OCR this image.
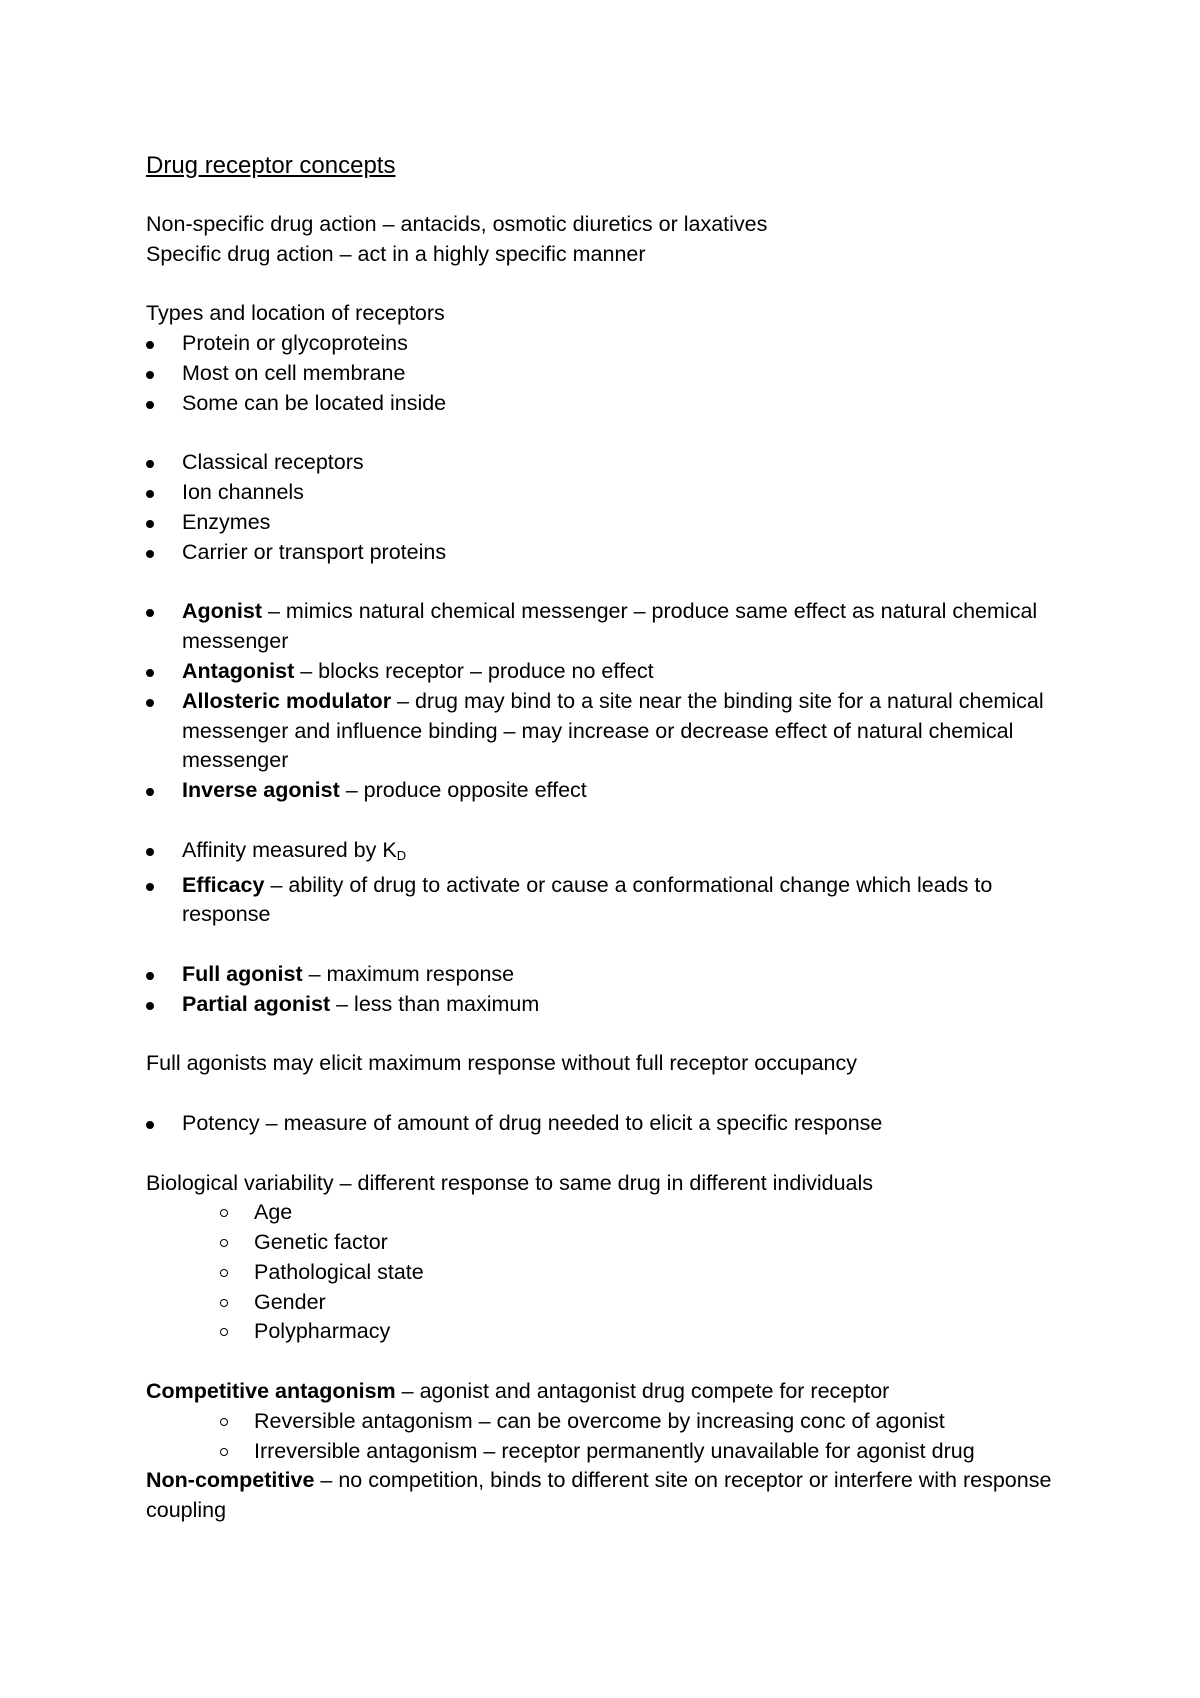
Drug receptor concepts
Non-specific drug action – antacids, osmotic diuretics or laxatives
Specific drug action – act in a highly specific manner
Types and location of receptors
Protein or glycoproteins
Most on cell membrane
Some can be located inside
Classical receptors
Ion channels
Enzymes
Carrier or transport proteins
Agonist – mimics natural chemical messenger – produce same effect as natural chemical messenger
Antagonist – blocks receptor – produce no effect
Allosteric modulator – drug may bind to a site near the binding site for a natural chemical messenger and influence binding – may increase or decrease effect of natural chemical messenger
Inverse agonist – produce opposite effect
Affinity measured by $K_D$
Efficacy – ability of drug to activate or cause a conformational change which leads to response
Full agonist – maximum response
Partial agonist – less than maximum
Full agonists may elicit maximum response without full receptor occupancy
Potency – measure of amount of drug needed to elicit a specific response
Biological variability – different response to same drug in different individuals
Age
Genetic factor
Pathological state
Gender
Polypharmacy
Competitive antagonism – agonist and antagonist drug compete for receptor
Reversible antagonism – can be overcome by increasing conc of agonist
Irreversible antagonism – receptor permanently unavailable for agonist drug
Non-competitive – no competition, binds to different site on receptor or interfere with response coupling
